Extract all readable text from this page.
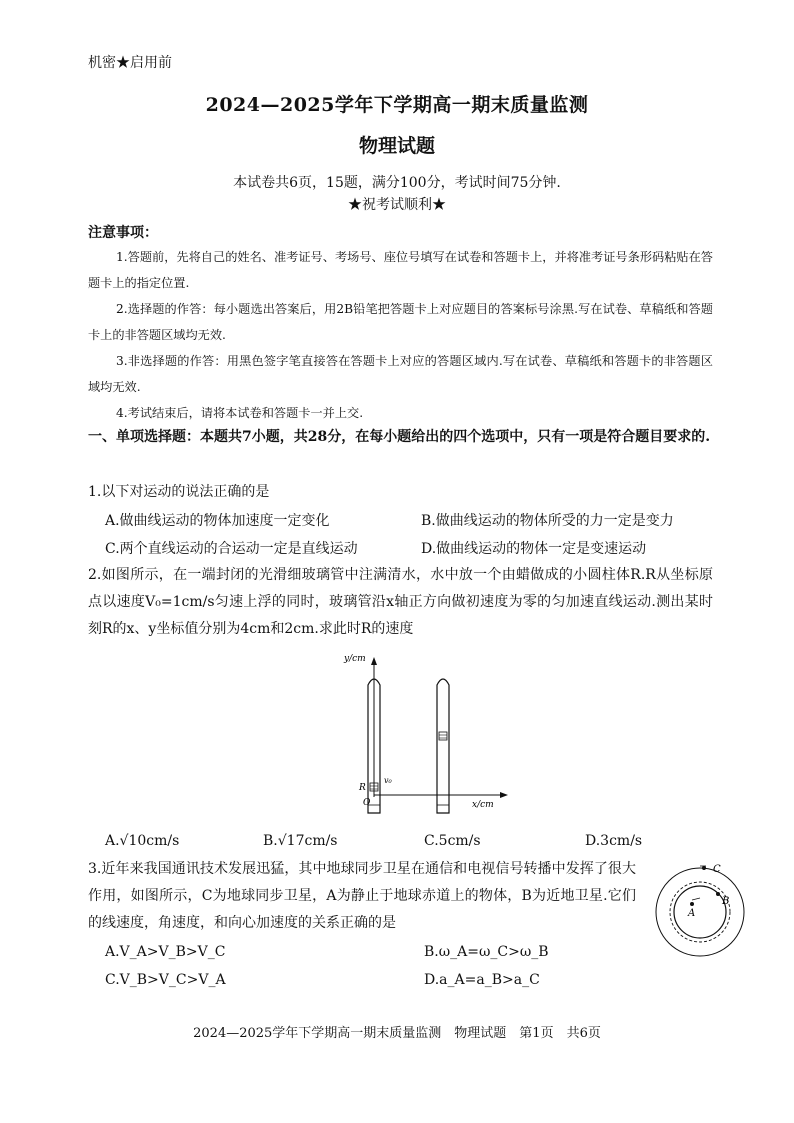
机密★启用前
2024—2025学年下学期高一期末质量监测
物理试题
本试卷共6页，15题，满分100分，考试时间75分钟.
★祝考试顺利★
注意事项：
1.答题前，先将自己的姓名、准考证号、考场号、座位号填写在试卷和答题卡上，并将准考证号条形码粘贴在答题卡上的指定位置.
2.选择题的作答：每小题选出答案后，用2B铅笔把答题卡上对应题目的答案标号涂黑.写在试卷、草稿纸和答题卡上的非答题区域均无效.
3.非选择题的作答：用黑色签字笔直接答在答题卡上对应的答题区域内.写在试卷、草稿纸和答题卡的非答题区域均无效.
4.考试结束后，请将本试卷和答题卡一并上交.
一、单项选择题：本题共7小题，共28分，在每小题给出的四个选项中，只有一项是符合题目要求的.
1.以下对运动的说法正确的是
A.做曲线运动的物体加速度一定变化	B.做曲线运动的物体所受的力一定是变力
C.两个直线运动的合运动一定是直线运动	D.做曲线运动的物体一定是变速运动
2.如图所示，在一端封闭的光滑细玻璃管中注满清水，水中放一个由蜡做成的小圆柱体R.R从坐标原点以速度V₀=1cm/s匀速上浮的同时，玻璃管沿x轴正方向做初速度为零的匀加速直线运动.测出某时刻R的x、y坐标值分别为4cm和2cm.求此时R的速度
y/cm
x/cm
O
R
v₀
A.√10cm/s	B.√17cm/s	C.5cm/s	D.3cm/s
3.近年来我国通讯技术发展迅猛，其中地球同步卫星在通信和电视信号转播中发挥了很大作用，如图所示，C为地球同步卫星，A为静止于地球赤道上的物体，B为近地卫星.它们的线速度，角速度，和向心加速度的关系正确的是
C
B
A
A.V_A>V_B>V_C	B.ω_A=ω_C>ω_B
C.V_B>V_C>V_A	D.a_A=a_B>a_C
2024—2025学年下学期高一期末质量监测　物理试题　第1页　共6页
